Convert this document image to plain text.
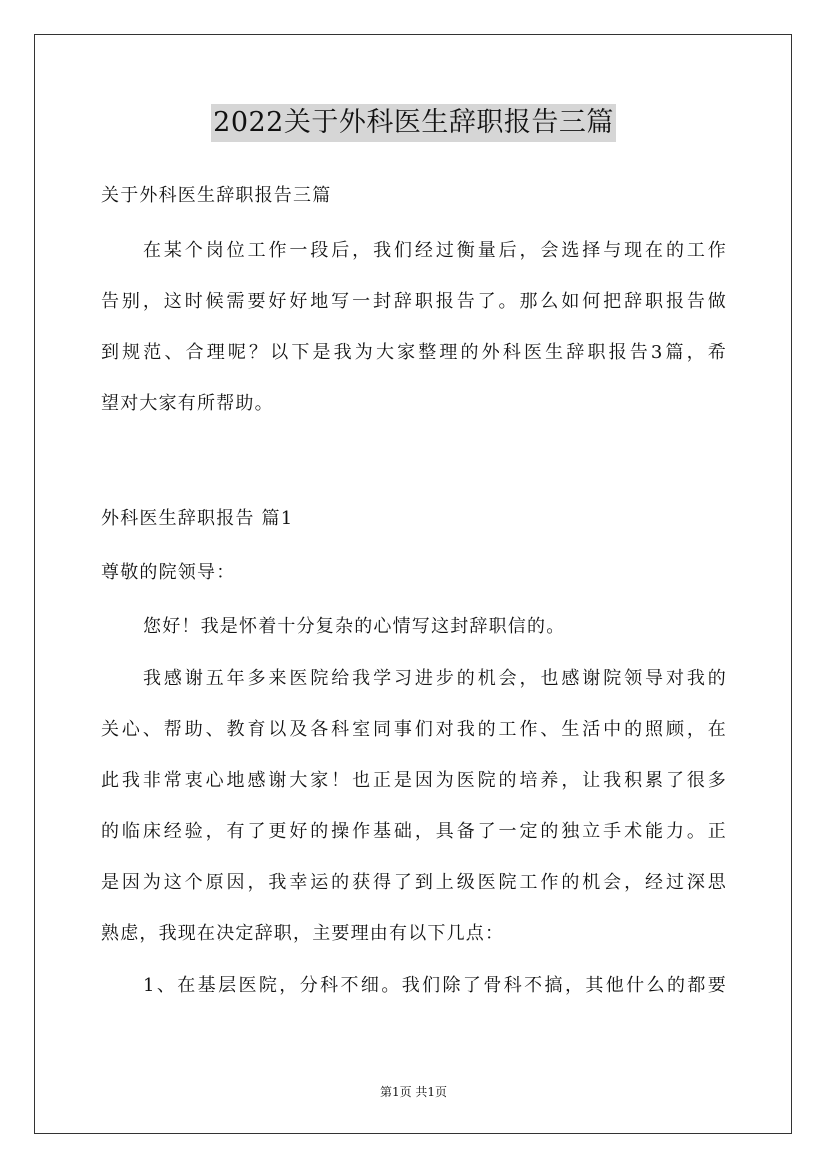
2022关于外科医生辞职报告三篇
关于外科医生辞职报告三篇
在某个岗位工作一段后，我们经过衡量后，会选择与现在的工作
告别，这时候需要好好地写一封辞职报告了。那么如何把辞职报告做
到规范、合理呢？以下是我为大家整理的外科医生辞职报告3篇，希
望对大家有所帮助。
外科医生辞职报告 篇1
尊敬的院领导：
您好！我是怀着十分复杂的心情写这封辞职信的。
我感谢五年多来医院给我学习进步的机会，也感谢院领导对我的
关心、帮助、教育以及各科室同事们对我的工作、生活中的照顾，在
此我非常衷心地感谢大家！也正是因为医院的培养，让我积累了很多
的临床经验，有了更好的操作基础，具备了一定的独立手术能力。正
是因为这个原因，我幸运的获得了到上级医院工作的机会，经过深思
熟虑，我现在决定辞职，主要理由有以下几点：
1、在基层医院，分科不细。我们除了骨科不搞，其他什么的都要
第1页 共1页
